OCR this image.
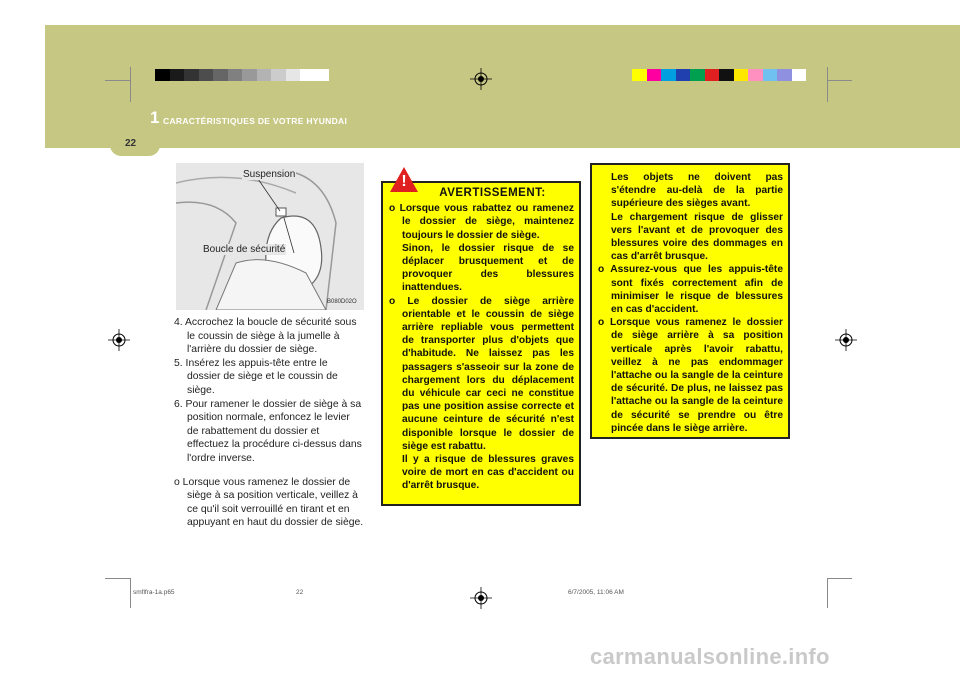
1 CARACTÉRISTIQUES DE VOTRE HYUNDAI
22
Suspension
Boucle de sécurité
B080D02O

4. Accrochez la boucle de sécurité sous le coussin de siège à la jumelle à l'arrière du dossier de siège.

5. Insérez les appuis-tête entre le dossier de siège et le coussin de siège.

6. Pour ramener le dossier de siège à sa position normale, enfoncez le levier de rabattement du dossier et effectuez la procédure ci-dessus dans l'ordre inverse.

o Lorsque vous ramenez le dossier de siège à sa position verticale, veillez à ce qu'il soit verrouillé en tirant et en appuyant en haut du dossier de siège.

AVERTISSEMENT:

o Lorsque vous rabattez ou ramenez le dossier de siège, maintenez toujours le dossier de siège.

Sinon, le dossier risque de se déplacer brusquement et de provoquer des blessures inattendues.

o Le dossier de siège arrière orientable et le coussin de siège arrière repliable vous permettent de transporter plus d'objets que d'habitude. Ne laissez pas les passagers s'asseoir sur la zone de chargement lors du déplacement du véhicule car ceci ne constitue pas une position assise correcte et aucune ceinture de sécurité n'est disponible lorsque le dossier de siège est rabattu.

Il y a risque de blessures graves voire de mort en cas d'accident ou d'arrêt brusque.

!	Les objets ne doivent pas s'étendre au-delà de la partie supérieure des sièges avant.

Le chargement risque de glisser vers l'avant et de provoquer des blessures voire des dommages en cas d'arrêt brusque.

o Assurez-vous que les appuis-tête sont fixés correctement afin de minimiser le risque de blessures en cas d'accident.

o Lorsque vous ramenez le dossier de siège arrière à sa position verticale après l'avoir rabattu, veillez à ne pas endommager l'attache ou la sangle de la ceinture de sécurité. De plus, ne laissez pas l'attache ou la sangle de la ceinture de sécurité se prendre ou être pincée dans le siège arrière.

smflfra-1a.p65	22	6/7/2005, 11:06 AM
carmanualsonline.info
